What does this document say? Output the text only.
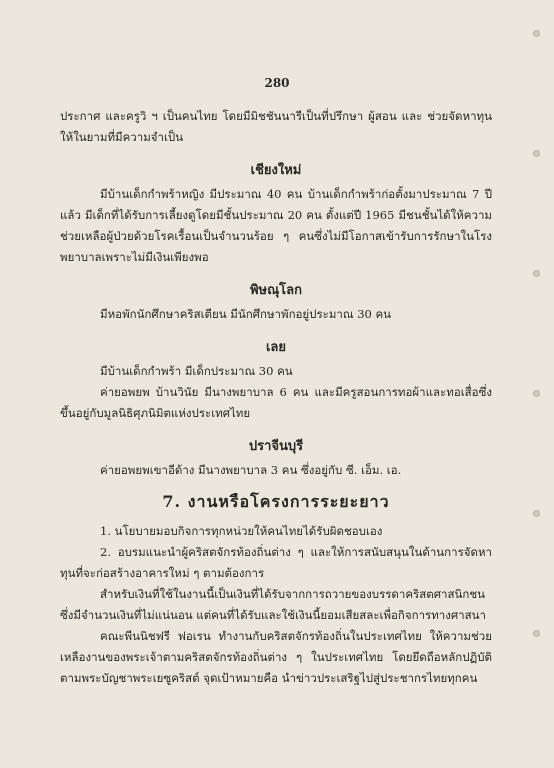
280

ประกาศ และครูวิ ฯ เป็นคนไทย โดยมีมิชชันนารีเป็นที่ปรึกษา ผู้สอน และ ช่วยจัดหาทุนให้ในยามที่มีความจำเป็น

เชียงใหม่

มีบ้านเด็กกำพร้าหญิง มีประมาณ 40 คน บ้านเด็กกำพร้าก่อตั้งมาประมาณ 7 ปี แล้ว มีเด็กที่ได้รับการเลี้ยงดูโดยมีชั้นประมาณ 20 คน ตั้งแต่ปี 1965 มีชนชั้นได้ให้ความช่วยเหลือผู้ป่วยด้วยโรคเรื้อนเป็นจำนวนร้อย ๆ คนซึ่งไม่มีโอกาสเข้ารับการรักษาในโรงพยาบาลเพราะไม่มีเงินเพียงพอ

พิษณุโลก

มีหอพักนักศึกษาคริสเตียน มีนักศึกษาพักอยู่ประมาณ 30 คน

เลย

มีบ้านเด็กกำพร้า มีเด็กประมาณ 30 คน

ค่ายอพยพ บ้านวินัย มีนางพยาบาล 6 คน และมีครูสอนการทอผ้าและทอเสื่อซึ่งขึ้นอยู่กับมูลนิธิศุภนิมิตแห่งประเทศไทย

ปราจีนบุรี

ค่ายอพยพเขาอีด้าง มีนางพยาบาล 3 คน ซึ่งอยู่กับ ซี. เอ็ม. เอ.

7. งานหรือโครงการระยะยาว

1. นโยบายมอบกิจการทุกหน่วยให้คนไทยได้รับผิดชอบเอง

2. อบรมแนะนำผู้คริสตจักรท้องถิ่นต่าง ๆ และให้การสนับสนุนในด้านการจัดหาทุนที่จะก่อสร้างอาคารใหม่ ๆ ตามต้องการ

สำหรับเงินที่ใช้ในงานนี้เป็นเงินที่ได้รับจากการถวายของบรรดาคริสตศาสนิกชน ซึ่งมีจำนวนเงินที่ไม่แน่นอน แต่คนที่ได้รับและใช้เงินนี้ยอมเสียสละเพื่อกิจการทางศาสนา

คณะพีนนิชฟรี ฟอเรน ทำงานกับคริสตจักรท้องถิ่นในประเทศไทย ให้ความช่วยเหลืองานของพระเจ้าตามคริสตจักรท้องถิ่นต่าง ๆ ในประเทศไทย โดยยึดถือหลักปฏิบัติตามพระบัญชาพระเยซูคริสต์ จุดเป้าหมายคือ นำข่าวประเสริฐไปสู่ประชากรไทยทุกคน
